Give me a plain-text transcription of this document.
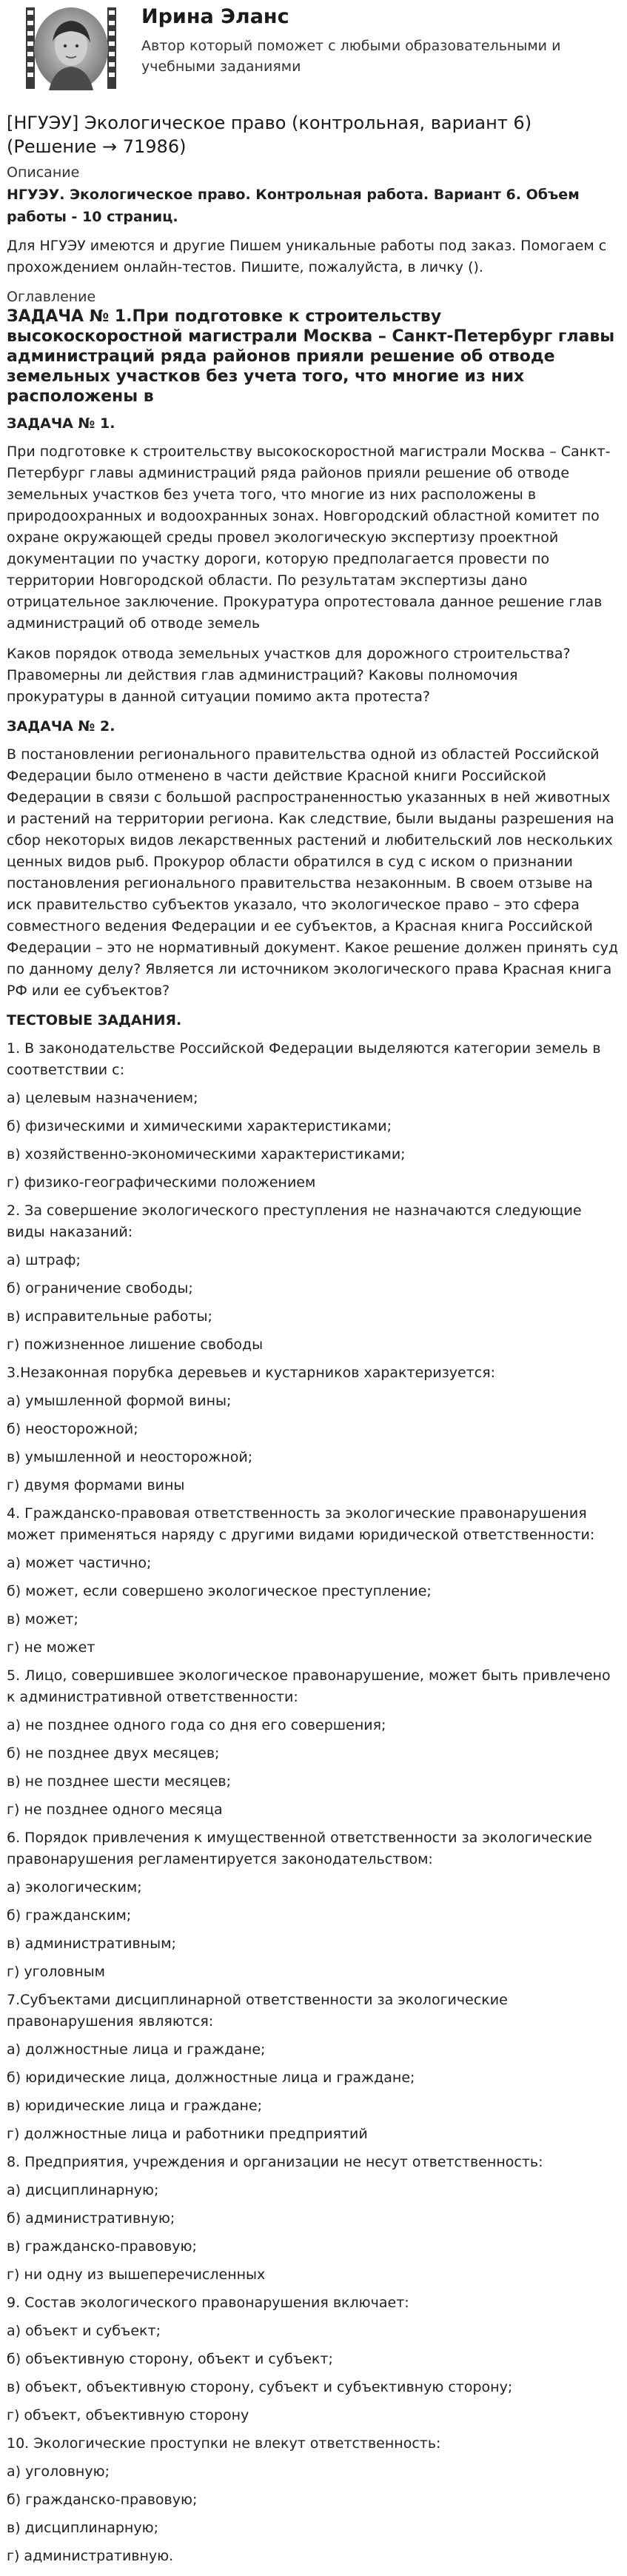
Ирина Эланс
Автор который поможет с любыми образовательными и учебными заданиями
[НГУЭУ] Экологическое право (контрольная, вариант 6) (Решение → 71986)
Описание
НГУЭУ. Экологическое право. Контрольная работа. Вариант 6. Объем работы - 10 страниц.
Для НГУЭУ имеются и другие Пишем уникальные работы под заказ. Помогаем с прохождением онлайн-тестов. Пишите, пожалуйста, в личку ().
Оглавление
ЗАДАЧА № 1.При подготовке к строительству высокоскоростной магистрали Москва – Санкт-Петербург главы администраций ряда районов прияли решение об отводе земельных участков без учета того, что многие из них расположены в
ЗАДАЧА № 1.
При подготовке к строительству высокоскоростной магистрали Москва – Санкт-Петербург главы администраций ряда районов прияли решение об отводе земельных участков без учета того, что многие из них расположены в природоохранных и водоохранных зонах. Новгородский областной комитет по охране окружающей среды провел экологическую экспертизу проектной документации по участку дороги, которую предполагается провести по территории Новгородской области. По результатам экспертизы дано отрицательное заключение. Прокуратура опротестовала данное решение глав администраций об отводе земель
Каков порядок отвода земельных участков для дорожного строительства? Правомерны ли действия глав администраций? Каковы полномочия прокуратуры в данной ситуации помимо акта протеста?
ЗАДАЧА № 2.
В постановлении регионального правительства одной из областей Российской Федерации было отменено в части действие Красной книги Российской Федерации в связи с большой распространенностью указанных в ней животных и растений на территории региона. Как следствие, были выданы разрешения на сбор некоторых видов лекарственных растений и любительский лов нескольких ценных видов рыб. Прокурор области обратился в суд с иском о признании постановления регионального правительства незаконным. В своем отзыве на иск правительство субъектов указало, что экологическое право – это сфера совместного ведения Федерации и ее субъектов, а Красная книга Российской Федерации – это не нормативный документ. Какое решение должен принять суд по данному делу? Является ли источником экологического права Красная книга РФ или ее субъектов?
ТЕСТОВЫЕ ЗАДАНИЯ.
1. В законодательстве Российской Федерации выделяются категории земель в соответствии с:
а) целевым назначением;
б) физическими и химическими характеристиками;
в) хозяйственно-экономическими характеристиками;
г) физико-географическими положением
2. За совершение экологического преступления не назначаются следующие виды наказаний:
а) штраф;
б) ограничение свободы;
в) исправительные работы;
г) пожизненное лишение свободы
3.Незаконная порубка деревьев и кустарников характеризуется:
а) умышленной формой вины;
б) неосторожной;
в) умышленной и неосторожной;
г) двумя формами вины
4. Гражданско-правовая ответственность за экологические правонарушения может применяться наряду с другими видами юридической ответственности:
а) может частично;
б) может, если совершено экологическое преступление;
в) может;
г) не может
5. Лицо, совершившее экологическое правонарушение, может быть привлечено к административной ответственности:
а) не позднее одного года со дня его совершения;
б) не позднее двух месяцев;
в) не позднее шести месяцев;
г) не позднее одного месяца
6. Порядок привлечения к имущественной ответственности за экологические правонарушения регламентируется законодательством:
а) экологическим;
б) гражданским;
в) административным;
г) уголовным
7.Субъектами дисциплинарной ответственности за экологические правонарушения являются:
а) должностные лица и граждане;
б) юридические лица, должностные лица и граждане;
в) юридические лица и граждане;
г) должностные лица и работники предприятий
8. Предприятия, учреждения и организации не несут ответственность:
а) дисциплинарную;
б) административную;
в) гражданско-правовую;
г) ни одну из вышеперечисленных
9. Состав экологического правонарушения включает:
а) объект и субъект;
б) объективную сторону, объект и субъект;
в) объект, объективную сторону, субъект и субъективную сторону;
г) объект, объективную сторону
10. Экологические проступки не влекут ответственность:
а) уголовную;
б) гражданско-правовую;
в) дисциплинарную;
г) административную.
